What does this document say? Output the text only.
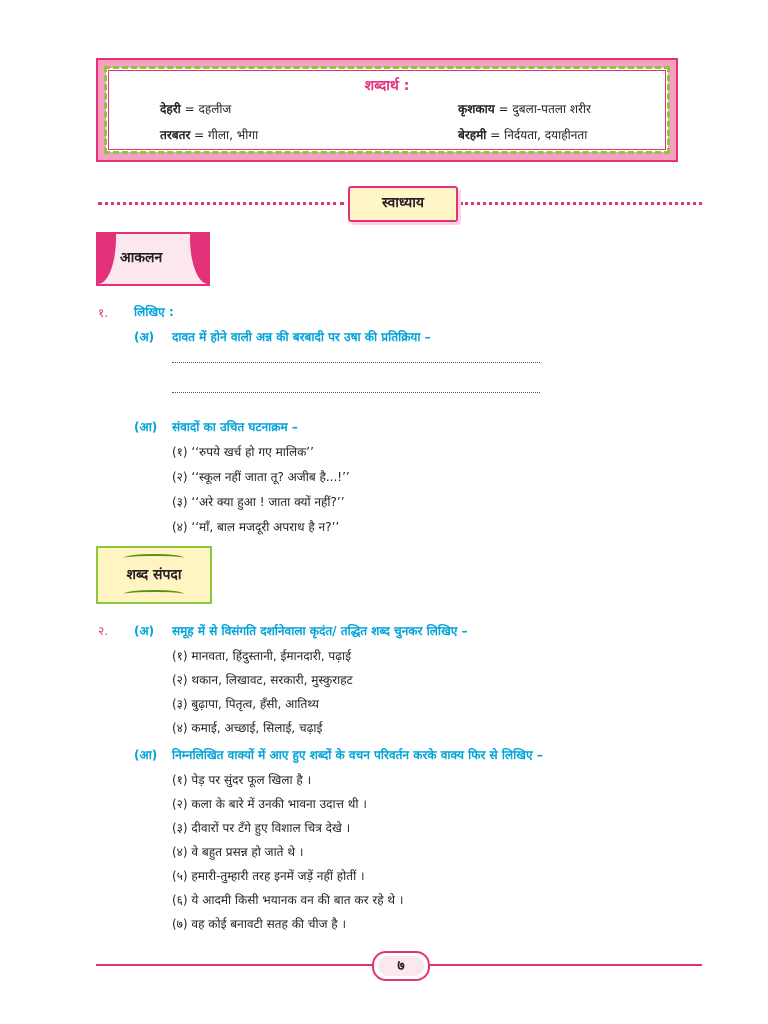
शब्दार्थ :
देहरी = दहलीज	कृशकाय = दुबला-पतला शरीर
तरबतर = गीला, भीगा	बेरहमी = निर्दयता, दयाहीनता
स्वाध्याय
आकलन
१. लिखिए :
(अ) दावत में होने वाली अन्न की बरबादी पर उषा की प्रतिक्रिया –
(आ) संवादों का उचित घटनाक्रम –
(१) ‘‘रुपये खर्च हो गए मालिक’’
(२) ‘‘स्कूल नहीं जाता तू? अजीब है...!’’
(३) ‘‘अरे क्या हुआ ! जाता क्यों नहीं?’’
(४) ‘‘माँ, बाल मजदूरी अपराध है न?’’
शब्द संपदा
२. (अ) समूह में से विसंगति दर्शानेवाला कृदंत/ तद्धित शब्द चुनकर लिखिए –
(१) मानवता, हिंदुस्तानी, ईमानदारी, पढ़ाई
(२) थकान, लिखावट, सरकारी, मुस्कुराहट
(३) बुढ़ापा, पितृत्व, हँसी, आतिथ्य
(४) कमाई, अच्छाई, सिलाई, चढ़ाई
(आ) निम्नलिखित वाक्यों में आए हुए शब्दों के वचन परिवर्तन करके वाक्य फिर से लिखिए –
(१) पेड़ पर सुंदर फूल खिला है ।
(२) कला के बारे में उनकी भावना उदात्त थी ।
(३) दीवारों पर टँगे हुए विशाल चित्र देखे ।
(४) वे बहुत प्रसन्न हो जाते थे ।
(५) हमारी-तुम्हारी तरह इनमें जड़ें नहीं होतीं ।
(६) ये आदमी किसी भयानक वन की बात कर रहे थे ।
(७) वह कोई बनावटी सतह की चीज है ।
७
